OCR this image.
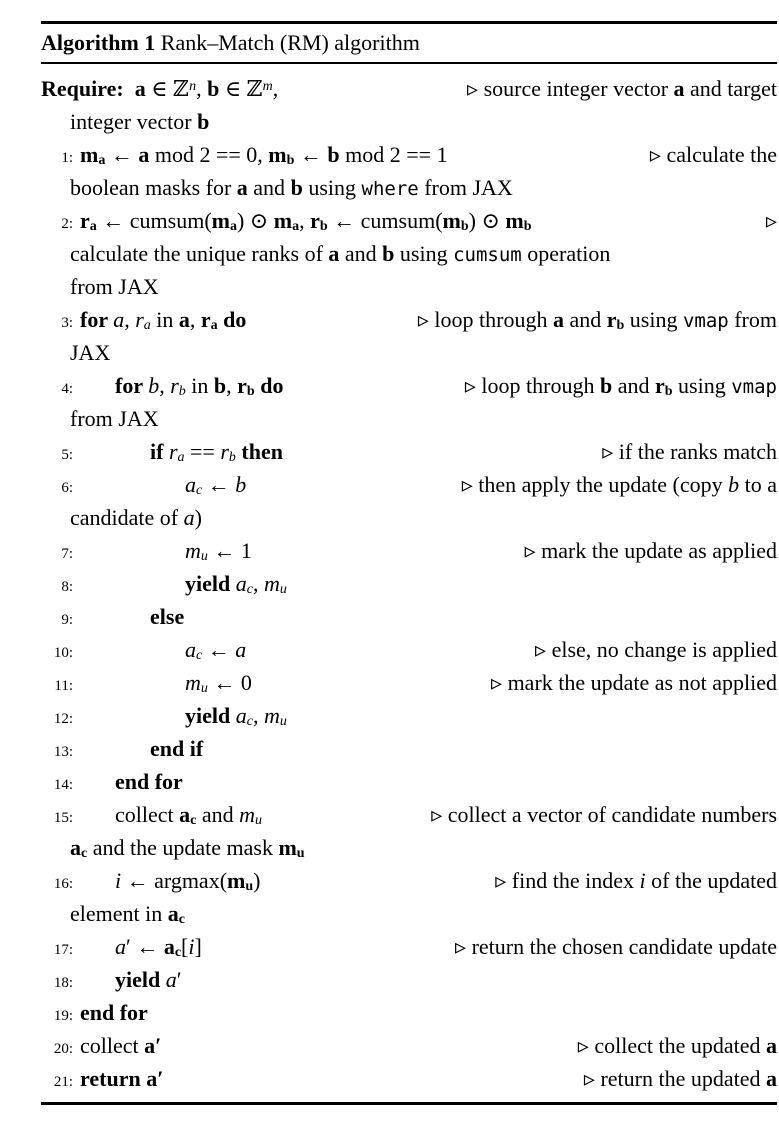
Algorithm 1 Rank–Match (RM) algorithm
Require:  a ∈ ℤ$^n$, b ∈ ℤ$^m$,	▹ source integer vector a and target
integer vector b
1: ma ← a mod 2 == 0, mb ← b mod 2 == 1	▹ calculate the
boolean masks for a and b using where from JAX
2: ra ← cumsum(ma) ⊙ ma, rb ← cumsum(mb) ⊙ mb	▹
calculate the unique ranks of a and b using cumsum operation
from JAX
3: for a, ra in a, ra do	▹ loop through a and rb using vmap from
JAX
4:	for b, rb in b, rb do	▹ loop through b and rb using vmap
from JAX
5:	if ra == rb then	▹ if the ranks match
6:	ac ← b	▹ then apply the update (copy b to a
candidate of a)
7:	mu ← 1	▹ mark the update as applied
8:	yield ac, mu
9:	else
10:	ac ← a	▹ else, no change is applied
11:	mu ← 0	▹ mark the update as not applied
12:	yield ac, mu
13:	end if
14:	end for
15:	collect ac and mu	▹ collect a vector of candidate numbers
ac and the update mask mu
16:	i ← argmax(mu)	▹ find the index i of the updated
element in ac
17:	a′ ← ac[i]	▹ return the chosen candidate update
18:	yield a′
19: end for
20: collect a′	▹ collect the updated a
21: return a′	▹ return the updated a
